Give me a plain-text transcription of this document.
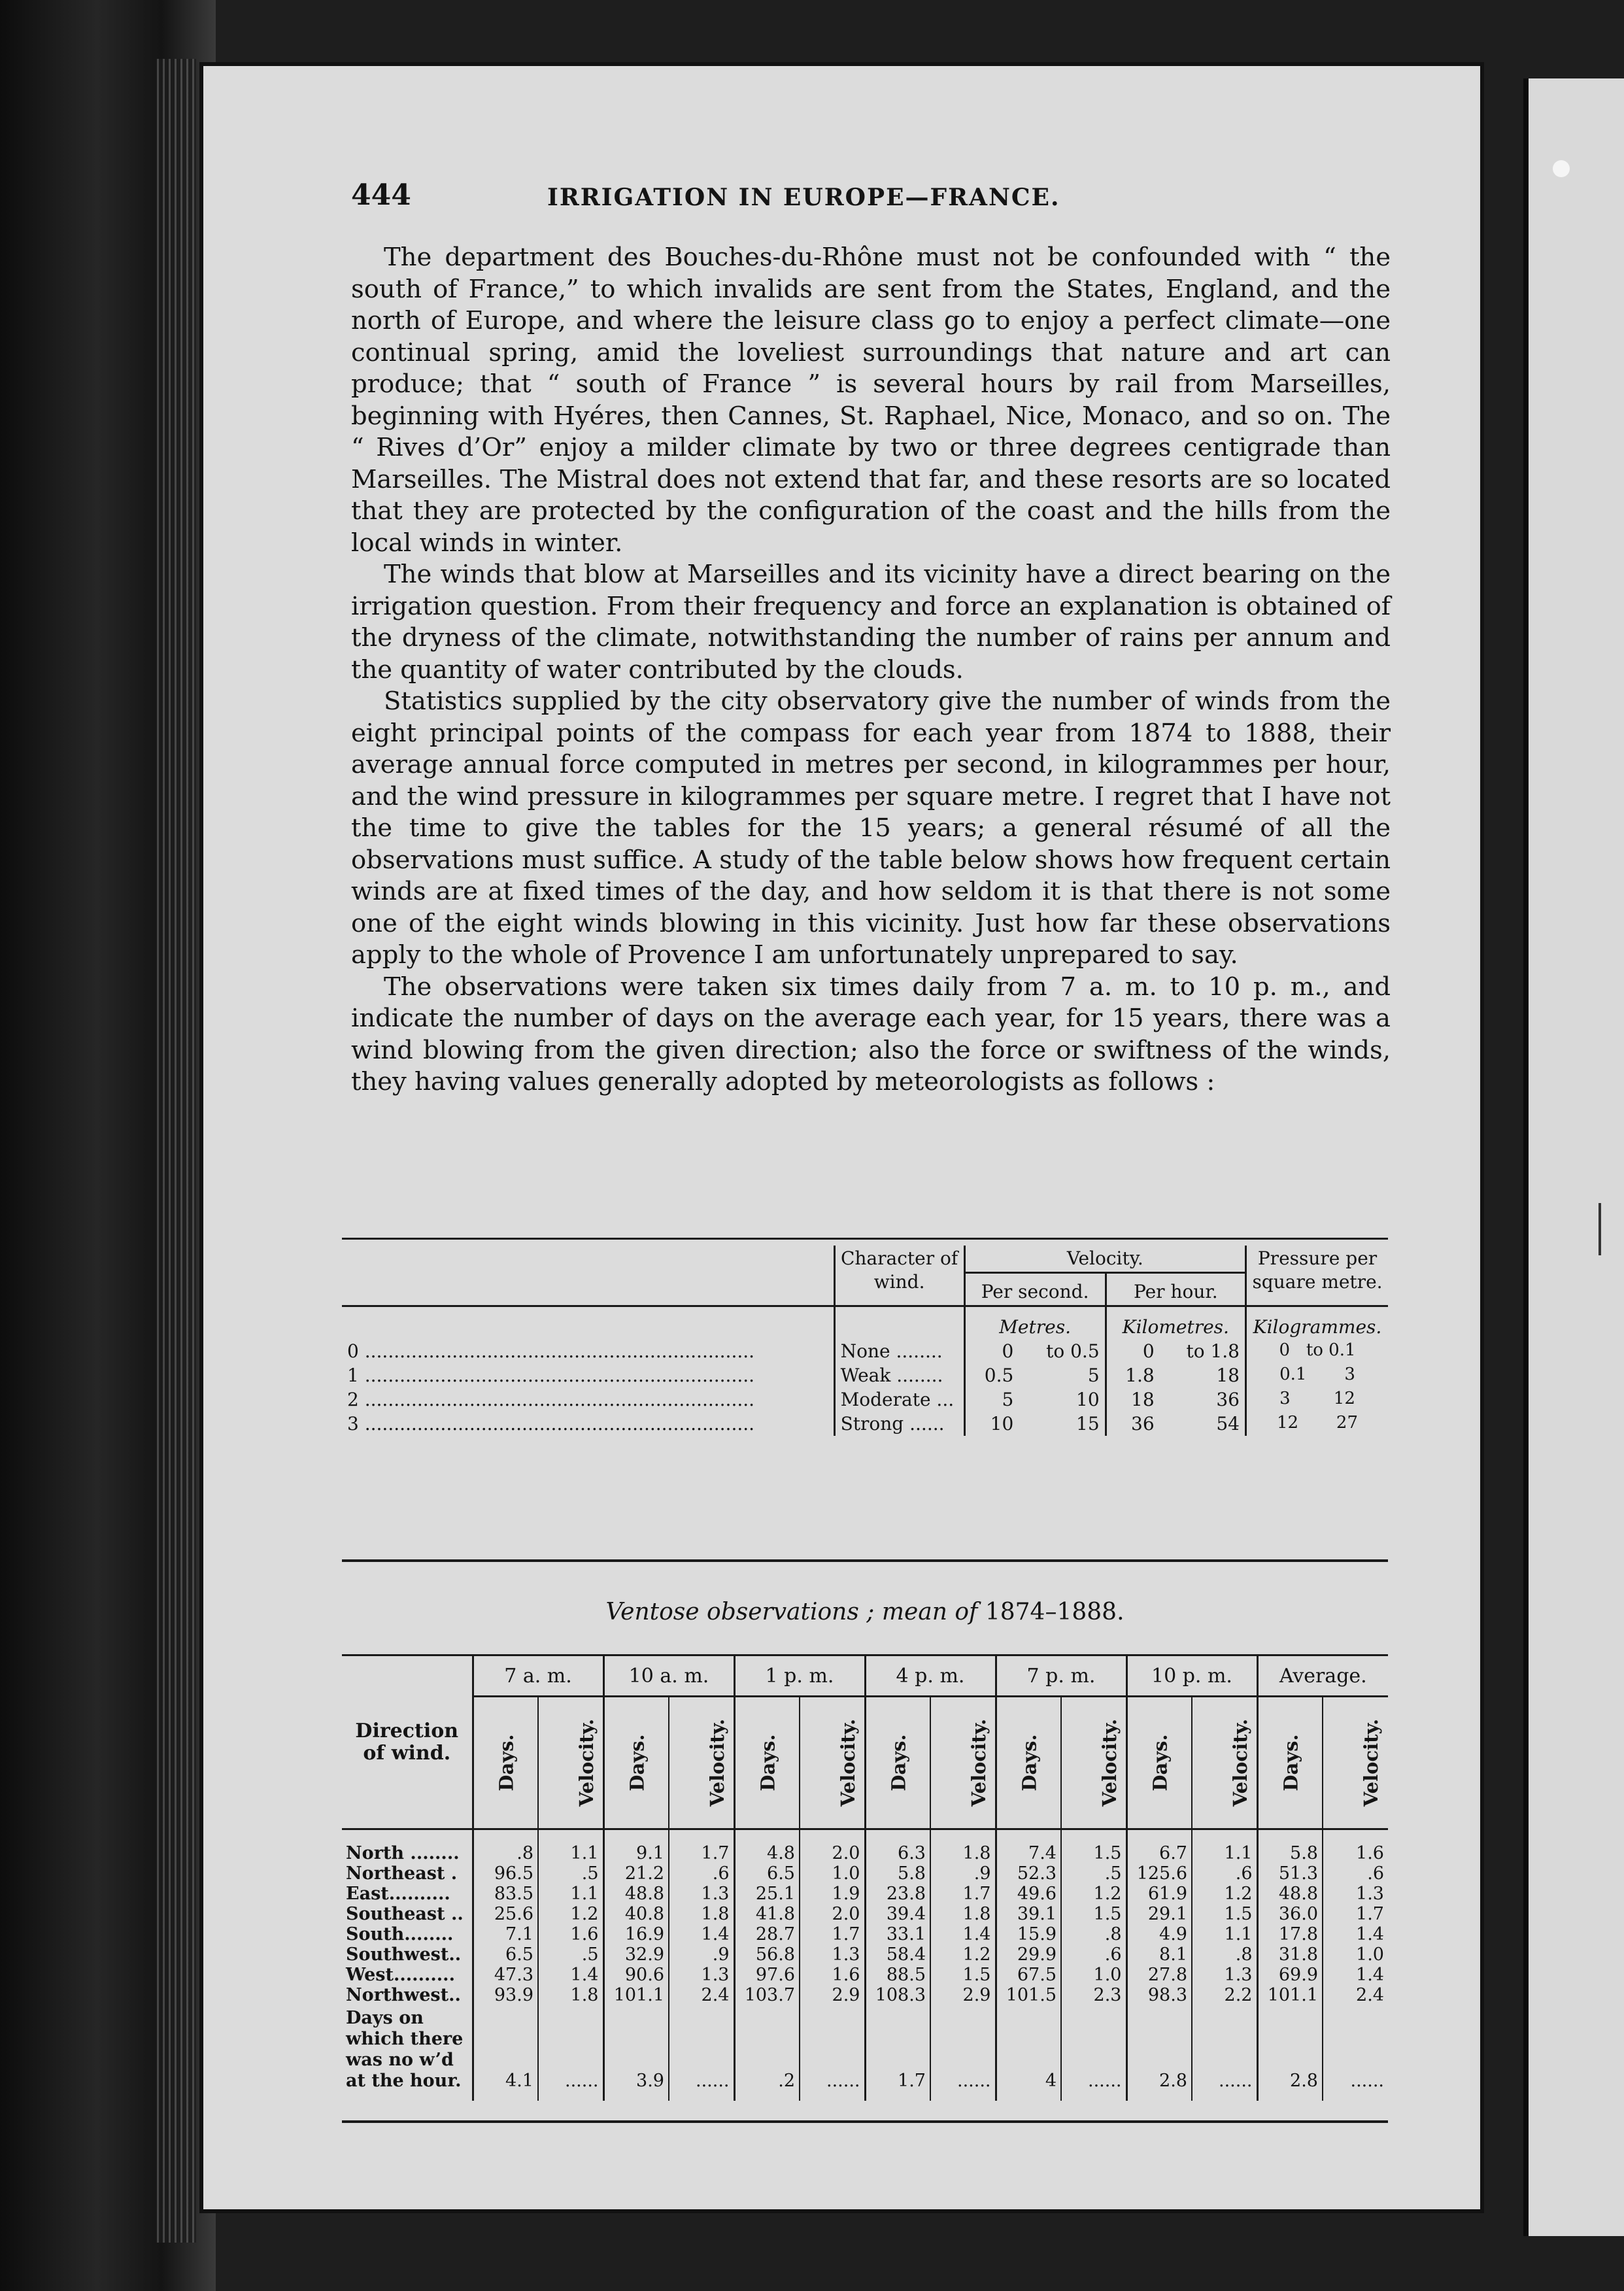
444	IRRIGATION IN EUROPE—FRANCE.

The department des Bouches-du-Rhône must not be confounded with “ the south of France,” to which invalids are sent from the States, England, and the north of Europe, and where the leisure class go to enjoy a perfect climate—one continual spring, amid the loveliest surroundings that nature and art can produce; that “ south of France ” is several hours by rail from Marseilles, beginning with Hyéres, then Cannes, St. Raphael, Nice, Monaco, and so on. The “ Rives d’Or” enjoy a milder climate by two or three degrees centigrade than Marseilles. The Mistral does not extend that far, and these resorts are so located that they are protected by the configuration of the coast and the hills from the local winds in winter.

The winds that blow at Marseilles and its vicinity have a direct bearing on the irrigation question. From their frequency and force an explanation is obtained of the dryness of the climate, notwithstanding the number of rains per annum and the quantity of water contributed by the clouds.

Statistics supplied by the city observatory give the number of winds from the eight principal points of the compass for each year from 1874 to 1888, their average annual force computed in metres per second, in kilogrammes per hour, and the wind pressure in kilogrammes per square metre. I regret that I have not the time to give the tables for the 15 years; a general résumé of all the observations must suffice. A study of the table below shows how frequent certain winds are at fixed times of the day, and how seldom it is that there is not some one of the eight winds blowing in this vicinity. Just how far these observations apply to the whole of Provence I am unfortunately unprepared to say.

The observations were taken six times daily from 7 a. m. to 10 p. m., and indicate the number of days on the average each year, for 15 years, there was a wind blowing from the given direction; also the force or swiftness of the winds, they having values generally adopted by meteorologists as follows :

	Character of wind.	Velocity.				Pressure per square metre.
		Per second.		Per hour.		
		Metres.		Kilometres.		Kilogrammes.
0 ...................................................................	None ........	0	to 0.5	0	to 1.8	0 to 0.1
1 ...................................................................	Weak ........	0.5	5	1.8	18	0.1 3
2 ...................................................................	Moderate ...	5	10	18	36	3 12
3 ...................................................................	Strong ......	10	15	36	54	12 27
Ventose observations ; mean of 1874–1888.
Direction of wind.	7 a. m.		10 a. m.		1 p. m.		4 p. m.		7 p. m.		10 p. m.		Average.	
	Days.	Velocity.	Days.	Velocity.	Days.	Velocity.	Days.	Velocity.	Days.	Velocity.	Days.	Velocity.	Days.	Velocity.
North ........	.8	1.1	9.1	1.7	4.8	2.0	6.3	1.8	7.4	1.5	6.7	1.1	5.8	1.6
Northeast .	96.5	.5	21.2	.6	6.5	1.0	5.8	.9	52.3	.5	125.6	.6	51.3	.6
East..........	83.5	1.1	48.8	1.3	25.1	1.9	23.8	1.7	49.6	1.2	61.9	1.2	48.8	1.3
Southeast ..	25.6	1.2	40.8	1.8	41.8	2.0	39.4	1.8	39.1	1.5	29.1	1.5	36.0	1.7
South........	7.1	1.6	16.9	1.4	28.7	1.7	33.1	1.4	15.9	.8	4.9	1.1	17.8	1.4
Southwest..	6.5	.5	32.9	.9	56.8	1.3	58.4	1.2	29.9	.6	8.1	.8	31.8	1.0
West..........	47.3	1.4	90.6	1.3	97.6	1.6	88.5	1.5	67.5	1.0	27.8	1.3	69.9	1.4
Northwest..	93.9	1.8	101.1	2.4	103.7	2.9	108.3	2.9	101.5	2.3	98.3	2.2	101.1	2.4
Days on which there was no w’d at the hour.	4.1	......	3.9	......	.2	......	1.7	......	4	......	2.8	......	2.8	......
